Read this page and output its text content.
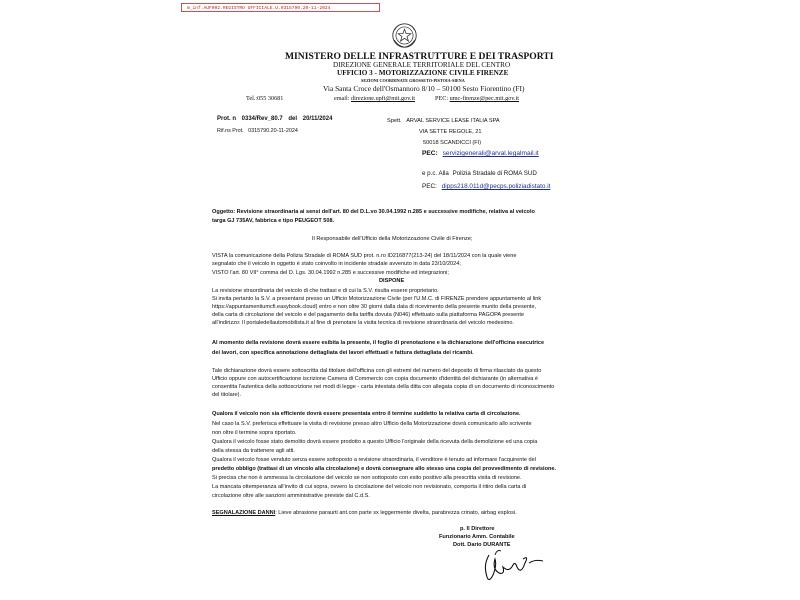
m_inf.AUF002.REGISTRO UFFICIALE.U.0315790.20-11-2024
MINISTERO DELLE INFRASTRUTTURE E DEI TRASPORTI
DIREZIONE GENERALE TERRITORIALE DEL CENTRO
UFFICIO 3 - MOTORIZZAZIONE CIVILE FIRENZE
SEZIONI COORDINATE GROSSETO-PISTOIA-SIENA
Via Santa Croce dell'Osmannoro 8/10 – 50100 Sesto Fiorentino (FI)
Tel.:055 30681	email: direzione.upfi@mit.gov.it	PEC: umc-firenze@pec.mit.gov.it
Prot. n 0334/Rev_80.7 del 20/11/2024
Rif.ns Prot. 0315790.20-11-2024
Spett. ARVAL SERVICE LEASE ITALIA SPA
VIA SETTE REGOLE, 21
50018 SCANDICCI (FI)
PEC: servizigenerali@arval.legalmail.it
e p.c. Alla Polizia Stradale di ROMA SUD
PEC: dipps218.011d@pecps.poliziadistato.it
Oggetto: Revisione straordinaria ai sensi dell'art. 80 del D.L.vo 30.04.1992 n.285 e successive modifiche, relativa al veicolo
targa GJ 735AV, fabbrica e tipo PEUGEOT 508.
Il Responsabile dell'Ufficio della Motorizzazione Civile di Firenze;
VISTA la comunicazione della Polizia Stradale di ROMA SUD prot. n.ro ID216877(213-24) del 18/11/2024 con la quale viene
segnalato che il veicolo in oggetto è stato coinvolto in incidente stradale avvenuto in data 23/10/2024;
VISTO l'art. 80 VII° comma del D. Lgs. 30.04.1992 n.285 e successive modifiche ed integrazioni;
DISPONE
La revisione straordinaria del veicolo di che trattasi e di cui la S.V. risulta essere proprietario.
Si invita pertanto la S.V. a presentarsi presso un Ufficio Motorizzazione Civile (per l'U.M.C. di FIRENZE prendere appuntamento al link
https://appuntamentiumcfi.easybook.cloud) entro e non oltre 30 giorni dalla data di ricevimento della presente munito della presente,
della carta di circolazione del veicolo e del pagamento della tariffa dovuta (N046) effettuato sulla piattaforma PAGOPA presente
all'indirizzo: Il portaledellautomobilista.it al fine di prenotare la visita tecnica di revisione straordinaria del veicolo medesimo.
Al momento della revisione dovrà essere esibita la presente, il foglio di prenotazione e la dichiarazione dell'officina esecutrice
dei lavori, con specifica annotazione dettagliata dei lavori effettuati e fattura dettagliata dei ricambi.
Tale dichiarazione dovrà essere sottoscritta dal titolare dell'officina con gli estremi del numero del deposito di firma rilasciato da questo
Ufficio oppure con autocertificazione iscrizione Camera di Commercio con copia documento d'identità del dichiarante (in alternativa è
consentita l'autentica della sottoscrizione nei modi di legge - carta intestata della ditta con allegata copia di un documento di riconoscimento
del titolare).
Qualora il veicolo non sia efficiente dovrà essere presentata entro il termine suddetto la relativa carta di circolazione.
Nel caso la S.V. preferisca effettuare la visita di revisione presso altro Ufficio della Motorizzazione dovrà comunicarlo allo scrivente
non oltre il termine sopra riportato.
Qualora il veicolo fosse stato demolito dovrà essere prodotto a questo Ufficio l'originale della ricevuta della demolizione ed una copia
della stessa da trattenere agli atti.
Qualora il veicolo fosse venduto senza essere sottoposto a revisione straordinaria, il venditore è tenuto ad informare l'acquirente del
predetto obbligo (trattasi di un vincolo alla circolazione) e dovrà consegnare allo stesso una copia del provvedimento di revisione.
Si precisa che non è ammessa la circolazione del veicolo se non sottoposto con esito positivo alla prescritta visita di revisione.
La mancata ottemperanza all'invito di cui sopra, ovvero la circolazione del veicolo non revisionato, comporta il ritiro della carta di
circolazione oltre alle sanzioni amministrative previste dal C.d.S.
SEGNALAZIONE DANNI: Lieve abrasione paraurti ant.con parte sx leggermente divelta, parabrezza crinato, airbag esplosi.
p. Il Direttore
Funzionario Amm. Contabile
Dott. Dario DURANTE
